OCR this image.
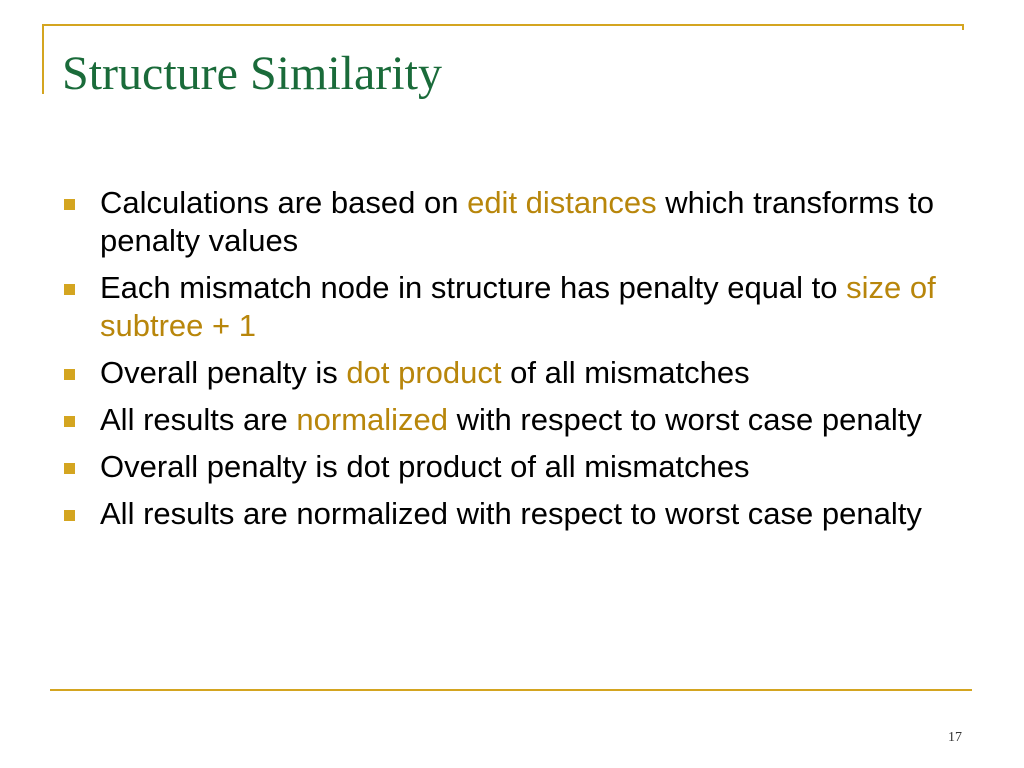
Structure Similarity
Calculations are based on edit distances which transforms to penalty values
Each mismatch node in structure has penalty equal to size of subtree + 1
Overall penalty is dot product of all mismatches
All results are normalized with respect to worst case penalty
Overall penalty is dot product of all mismatches
All results are normalized with respect to worst case penalty
17
